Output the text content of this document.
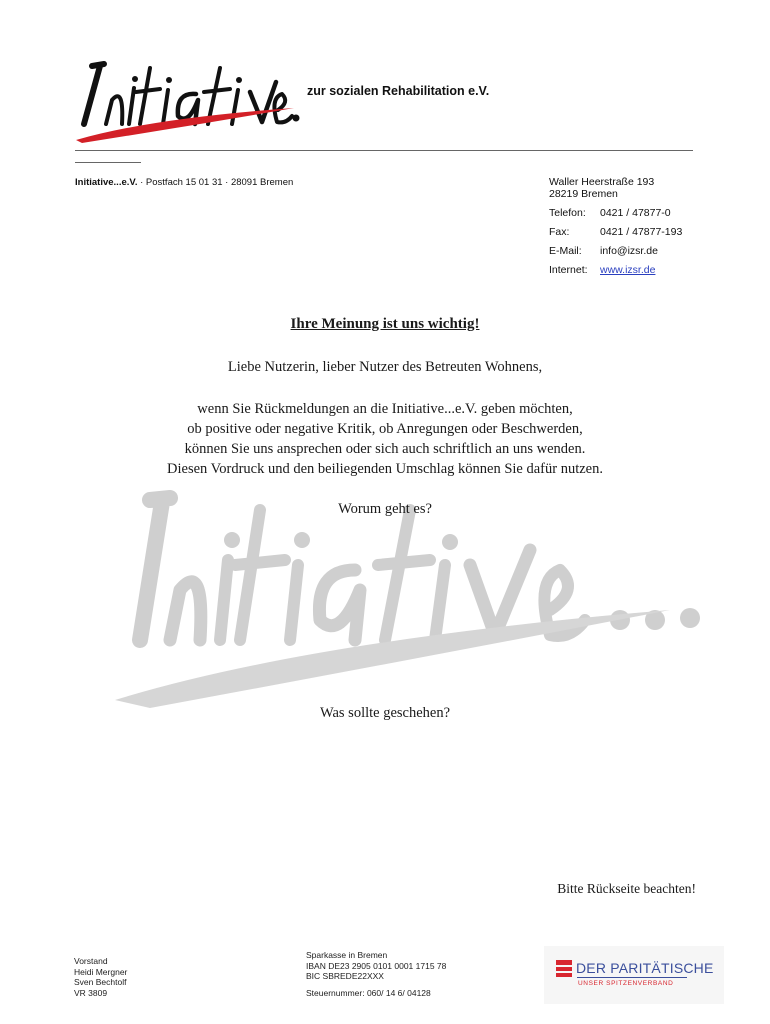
zur sozialen Rehabilitation e.V.
Initiative...e.V. · Postfach 15 01 31 · 28091 Bremen	Waller Heerstraße 193
28219 Bremen
Telefon: 0421 / 47877-0
Fax:	0421 / 47877-193
E-Mail: info@izsr.de
Internet: www.izsr.de
Ihre Meinung ist uns wichtig!
Liebe Nutzerin, lieber Nutzer des Betreuten Wohnens,
wenn Sie Rückmeldungen an die Initiative...e.V. geben möchten,
ob positive oder negative Kritik, ob Anregungen oder Beschwerden,
können Sie uns ansprechen oder sich auch schriftlich an uns wenden.
Diesen Vordruck und den beiliegenden Umschlag können Sie dafür nutzen.
Worum geht es?
Was sollte geschehen?
Bitte Rückseite beachten!
Vorstand
Heidi Mergner
Sven Bechtolf
VR 3809
Sparkasse in Bremen
IBAN DE23 2905 0101 0001 1715 78
BIC SBREDE22XXX
Steuernummer: 060/ 14 6/ 04128
DER PARITÄTISCHE
UNSER SPITZENVERBAND
